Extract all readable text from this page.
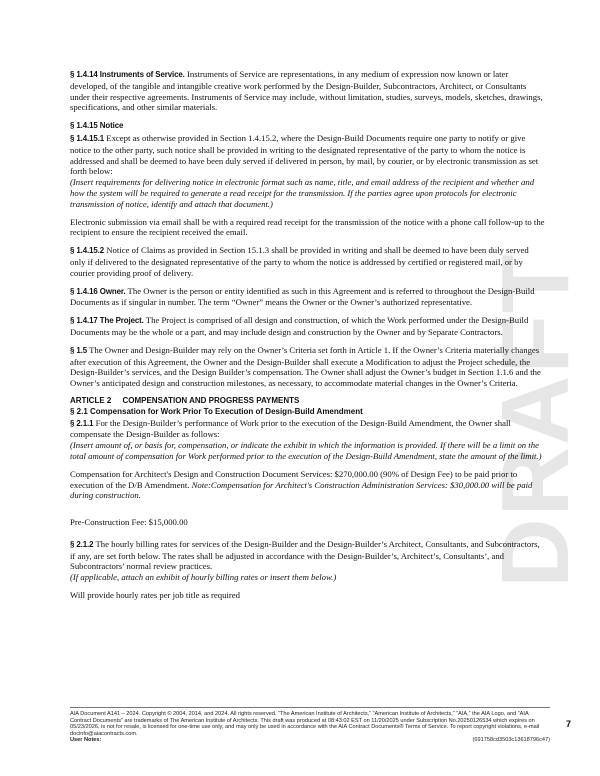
DRAFT

§ 1.4.14 Instruments of Service. Instruments of Service are representations, in any medium of expression now known or later developed, of the tangible and intangible creative work performed by the Design-Builder, Subcontractors, Architect, or Consultants under their respective agreements. Instruments of Service may include, without limitation, studies, surveys, models, sketches, drawings, specifications, and other similar materials.

§ 1.4.15 Notice

§ 1.4.15.1 Except as otherwise provided in Section 1.4.15.2, where the Design-Build Documents require one party to notify or give notice to the other party, such notice shall be provided in writing to the designated representative of the party to whom the notice is addressed and shall be deemed to have been duly served if delivered in person, by mail, by courier, or by electronic transmission as set forth below:
(Insert requirements for delivering notice in electronic format such as name, title, and email address of the recipient and whether and how the system will be required to generate a read receipt for the transmission. If the parties agree upon protocols for electronic transmission of notice, identify and attach that document.)

Electronic submission via email shall be with a required read receipt for the transmission of the notice with a phone call follow-up to the recipient to ensure the recipient received the email.

§ 1.4.15.2 Notice of Claims as provided in Section 15.1.3 shall be provided in writing and shall be deemed to have been duly served only if delivered to the designated representative of the party to whom the notice is addressed by certified or registered mail, or by courier providing proof of delivery.

§ 1.4.16 Owner. The Owner is the person or entity identified as such in this Agreement and is referred to throughout the Design-Build Documents as if singular in number. The term “Owner” means the Owner or the Owner’s authorized representative.

§ 1.4.17 The Project. The Project is comprised of all design and construction, of which the Work performed under the Design-Build Documents may be the whole or a part, and may include design and construction by the Owner and by Separate Contractors.

§ 1.5 The Owner and Design-Builder may rely on the Owner’s Criteria set forth in Article 1. If the Owner’s Criteria materially changes after execution of this Agreement, the Owner and the Design-Builder shall execute a Modification to adjust the Project schedule, the Design-Builder’s services, and the Design Builder’s compensation. The Owner shall adjust the Owner’s budget in Section 1.1.6 and the Owner’s anticipated design and construction milestones, as necessary, to accommodate material changes in the Owner’s Criteria.

ARTICLE 2     COMPENSATION AND PROGRESS PAYMENTS

§ 2.1 Compensation for Work Prior To Execution of Design-Build Amendment

§ 2.1.1 For the Design-Builder’s performance of Work prior to the execution of the Design-Build Amendment, the Owner shall compensate the Design-Builder as follows:
(Insert amount of, or basis for, compensation, or indicate the exhibit in which the information is provided. If there will be a limit on the total amount of compensation for Work performed prior to the execution of the Design-Build Amendment, state the amount of the limit.)

Compensation for Architect's Design and Construction Document Services: $270,000.00 (90% of Design Fee) to be paid prior to execution of the D/B Amendment. Note:Compensation for Architect's Construction Administration Services: $30,000.00 will be paid during construction.

Pre-Construction Fee: $15,000.00

§ 2.1.2 The hourly billing rates for services of the Design-Builder and the Design-Builder’s Architect, Consultants, and Subcontractors, if any, are set forth below. The rates shall be adjusted in accordance with the Design-Builder’s, Architect’s, Consultants’, and Subcontractors’ normal review practices.
(If applicable, attach an exhibit of hourly billing rates or insert them below.)

Will provide hourly rates per job title as required

AIA Document A141 – 2024. Copyright © 2004, 2014, and 2024. All rights reserved. “The American Institute of Architects,” “American Institute of Architects,” “AIA,” the AIA Logo, and “AIA Contract Documents” are trademarks of The American Institute of Architects. This draft was produced at 08:43:02 EST on 11/20/2025 under Subscription No.20250126534 which expires on 05/23/2026, is not for resale, is licensed for one-time use only, and may only be used in accordance with the AIA Contract Documents® Terms of Service. To report copyright violations, e-mail docinfo@aiacontracts.com.
User Notes:	(691758cd3503c13618796c47)
7
